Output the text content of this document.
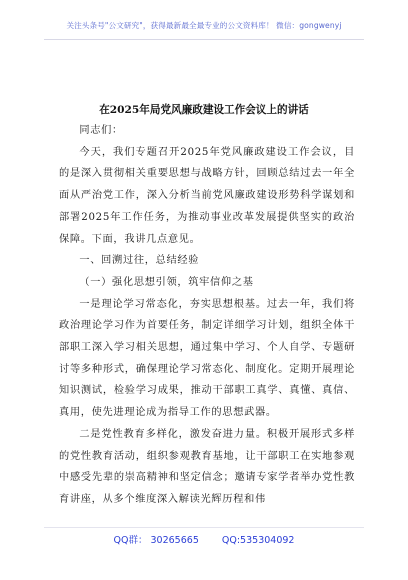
关注头条号"公文研究"，获得最新最全最专业的公文资料库！ 微信：gongwenyj
在2025年局党风廉政建设工作会议上的讲话

同志们：

今天，我们专题召开2025年党风廉政建设工作会议，目的是深入贯彻相关重要思想与战略方针，回顾总结过去一年全面从严治党工作，深入分析当前党风廉政建设形势科学谋划和部署2025年工作任务，为推动事业改革发展提供坚实的政治保障。下面，我讲几点意见。

一、回溯过往，总结经验

（一）强化思想引领，筑牢信仰之基

一是理论学习常态化，夯实思想根基。过去一年，我们将政治理论学习作为首要任务，制定详细学习计划，组织全体干部职工深入学习相关思想，通过集中学习、个人自学、专题研讨等多种形式，确保理论学习常态化、制度化。定期开展理论知识测试，检验学习成果，推动干部职工真学、真懂、真信、真用，使先进理论成为指导工作的思想武器。

二是党性教育多样化，激发奋进力量。积极开展形式多样的党性教育活动，组织参观教育基地，让干部职工在实地参观中感受先辈的崇高精神和坚定信念；邀请专家学者举办党性教育讲座，从多个维度深入解读光辉历程和伟

QQ群： 30265665 QQ:535304092
